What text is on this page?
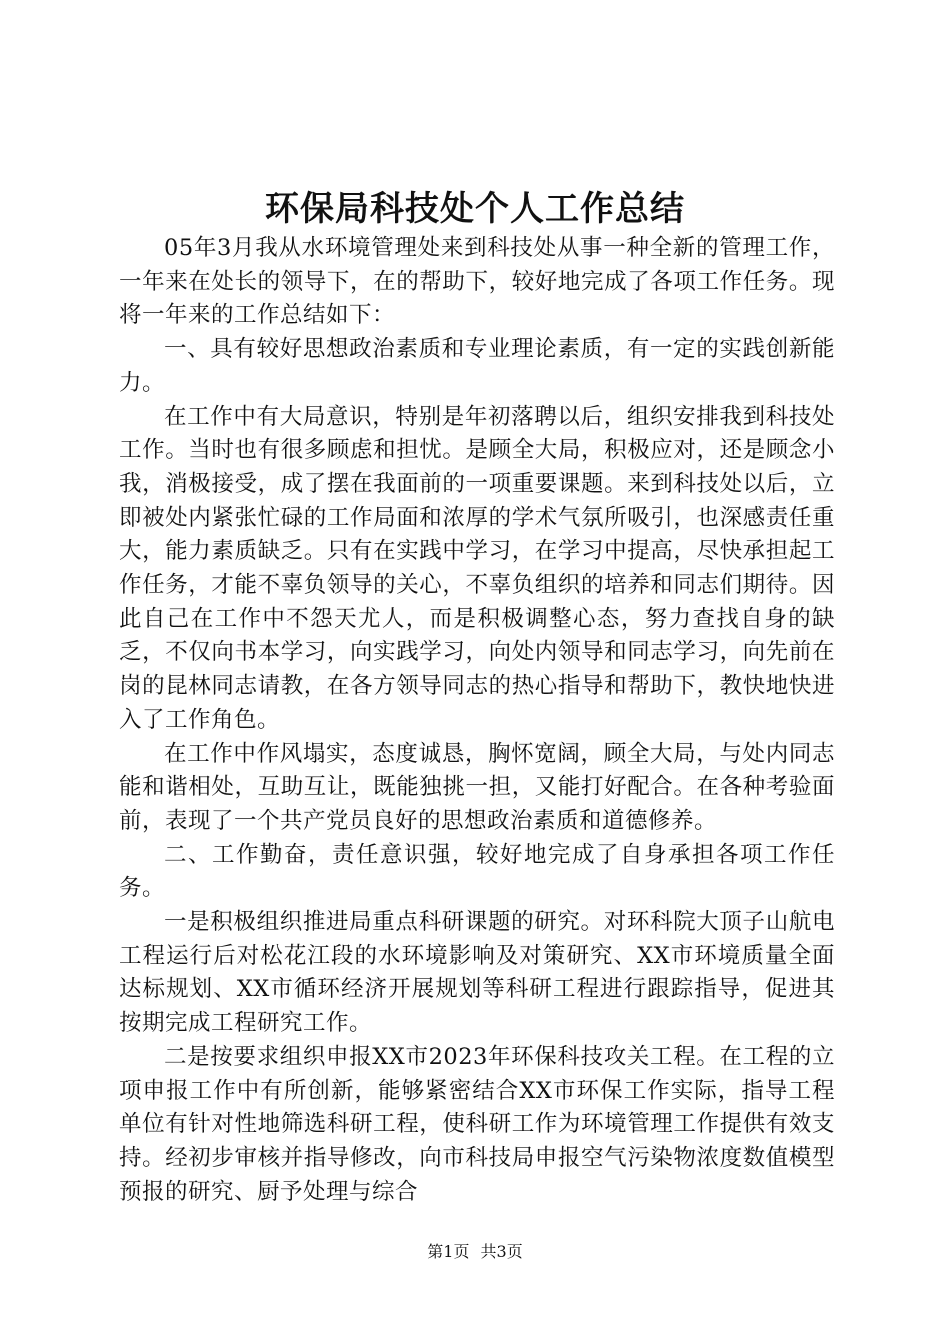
环保局科技处个人工作总结

05年3月我从水环境管理处来到科技处从事一种全新的管理工作，一年来在处长的领导下，在的帮助下，较好地完成了各项工作任务。现将一年来的工作总结如下：

一、具有较好思想政治素质和专业理论素质，有一定的实践创新能力。

在工作中有大局意识，特别是年初落聘以后，组织安排我到科技处工作。当时也有很多顾虑和担忧。是顾全大局，积极应对，还是顾念小我，消极接受，成了摆在我面前的一项重要课题。来到科技处以后，立即被处内紧张忙碌的工作局面和浓厚的学术气氛所吸引，也深感责任重大，能力素质缺乏。只有在实践中学习，在学习中提高，尽快承担起工作任务，才能不辜负领导的关心，不辜负组织的培养和同志们期待。因此自己在工作中不怨天尤人，而是积极调整心态，努力查找自身的缺乏，不仅向书本学习，向实践学习，向处内领导和同志学习，向先前在岗的昆林同志请教，在各方领导同志的热心指导和帮助下，教快地快进入了工作角色。

在工作中作风塌实，态度诚恳，胸怀宽阔，顾全大局，与处内同志能和谐相处，互助互让，既能独挑一担，又能打好配合。在各种考验面前，表现了一个共产党员良好的思想政治素质和道德修养。

二、工作勤奋，责任意识强，较好地完成了自身承担各项工作任务。

一是积极组织推进局重点科研课题的研究。对环科院大顶子山航电工程运行后对松花江段的水环境影响及对策研究、XX市环境质量全面达标规划、XX市循环经济开展规划等科研工程进行跟踪指导，促进其按期完成工程研究工作。

二是按要求组织申报XX市2023年环保科技攻关工程。在工程的立项申报工作中有所创新，能够紧密结合XX市环保工作实际，指导工程单位有针对性地筛选科研工程，使科研工作为环境管理工作提供有效支持。经初步审核并指导修改，向市科技局申报空气污染物浓度数值模型预报的研究、厨予处理与综合

第1页 共3页
